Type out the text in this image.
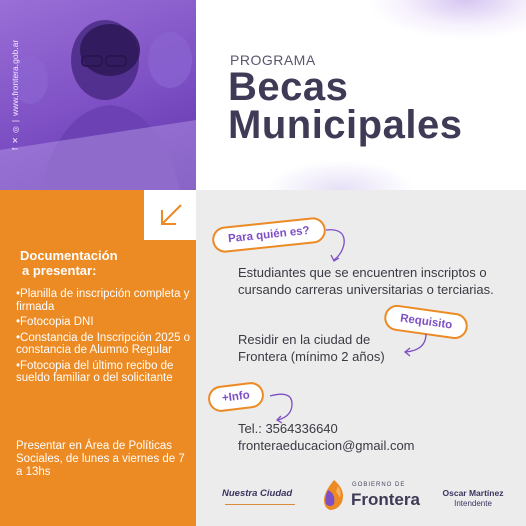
f
✕
◎
|
www.frontera.gob.ar	PROGRAMA
Becas
Municipales
Documentación
a presentar:
•Planilla de inscripción completa y firmada
•Fotocopia DNI
•Constancia de Inscripción 2025 o constancia de Alumno Regular
•Fotocopia del último recibo de sueldo familiar o del solicitante
Presentar en Área de Políticas Sociales, de lunes a viernes de 7 a 13hs
Para quién es?
Requisito
+Info
Estudiantes que se encuentren inscriptos o cursando carreras universitarias o terciarias.
Residir en la ciudad de Frontera (mínimo 2 años)
Tel.: 3564336640
fronteraeducacion@gmail.com
Nuestra Ciudad
GOBIERNO DE
Frontera	Oscar Martínez
Intendente
